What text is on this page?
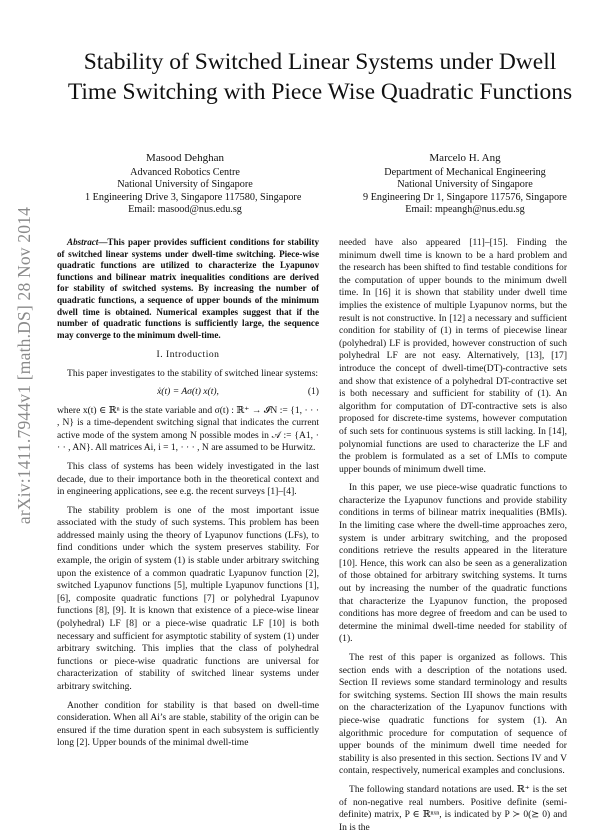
arXiv:1411.7944v1 [math.DS] 28 Nov 2014
Stability of Switched Linear Systems under Dwell
Time Switching with Piece Wise Quadratic Functions
Masood Dehghan
Advanced Robotics Centre
National University of Singapore
1 Engineering Drive 3, Singapore 117580, Singapore
Email: masood@nus.edu.sg
Marcelo H. Ang
Department of Mechanical Engineering
National University of Singapore
9 Engineering Dr 1, Singapore 117576, Singapore
Email: mpeangh@nus.edu.sg

Abstract—This paper provides sufficient conditions for stability of switched linear systems under dwell-time switching. Piece-wise quadratic functions are utilized to characterize the Lyapunov functions and bilinear matrix inequalities conditions are derived for stability of switched systems. By increasing the number of quadratic functions, a sequence of upper bounds of the minimum dwell time is obtained. Numerical examples suggest that if the number of quadratic functions is sufficiently large, the sequence may converge to the minimum dwell-time.

I. Introduction

This paper investigates to the stability of switched linear systems:

ẋ(t) = Aσ(t) x(t),	(1)

where x(t) ∈ ℝⁿ is the state variable and σ(t) : ℝ⁺ → 𝓘N := {1, · · · , N} is a time-dependent switching signal that indicates the current active mode of the system among N possible modes in 𝒜 := {A1, · · · , AN}. All matrices Ai, i = 1, · · · , N are assumed to be Hurwitz.

This class of systems has been widely investigated in the last decade, due to their importance both in the theoretical context and in engineering applications, see e.g. the recent surveys [1]–[4].

The stability problem is one of the most important issue associated with the study of such systems. This problem has been addressed mainly using the theory of Lyapunov functions (LFs), to find conditions under which the system preserves stability. For example, the origin of system (1) is stable under arbitrary switching upon the existence of a common quadratic Lyapunov function [2], switched Lyapunov functions [5], multiple Lyapunov functions [1], [6], composite quadratic functions [7] or polyhedral Lyapunov functions [8], [9]. It is known that existence of a piece-wise linear (polyhedral) LF [8] or a piece-wise quadratic LF [10] is both necessary and sufficient for asymptotic stability of system (1) under arbitrary switching. This implies that the class of polyhedral functions or piece-wise quadratic functions are universal for characterization of stability of switched linear systems under arbitrary switching.

Another condition for stability is that based on dwell-time consideration. When all Ai’s are stable, stability of the origin can be ensured if the time duration spent in each subsystem is sufficiently long [2]. Upper bounds of the minimal dwell-time

needed have also appeared [11]–[15]. Finding the minimum dwell time is known to be a hard problem and the research has been shifted to find testable conditions for the computation of upper bounds to the minimum dwell time. In [16] it is shown that stability under dwell time implies the existence of multiple Lyapunov norms, but the result is not constructive. In [12] a necessary and sufficient condition for stability of (1) in terms of piecewise linear (polyhedral) LF is provided, however construction of such polyhedral LF are not easy. Alternatively, [13], [17] introduce the concept of dwell-time(DT)-contractive sets and show that existence of a polyhedral DT-contractive set is both necessary and sufficient for stability of (1). An algorithm for computation of DT-contractive sets is also proposed for discrete-time systems, however computation of such sets for continuous systems is still lacking. In [14], polynomial functions are used to characterize the LF and the problem is formulated as a set of LMIs to compute upper bounds of minimum dwell time.

In this paper, we use piece-wise quadratic functions to characterize the Lyapunov functions and provide stability conditions in terms of bilinear matrix inequalities (BMIs). In the limiting case where the dwell-time approaches zero, system is under arbitrary switching, and the proposed conditions retrieve the results appeared in the literature [10]. Hence, this work can also be seen as a generalization of those obtained for arbitrary switching systems. It turns out by increasing the number of the quadratic functions that characterize the Lyapunov function, the proposed conditions has more degree of freedom and can be used to determine the minimal dwell-time needed for stability of (1).

The rest of this paper is organized as follows. This section ends with a description of the notations used. Section II reviews some standard terminology and results for switching systems. Section III shows the main results on the characterization of the Lyapunov functions with piece-wise quadratic functions for system (1). An algorithmic procedure for computation of sequence of upper bounds of the minimum dwell time needed for stability is also presented in this section. Sections IV and V contain, respectively, numerical examples and conclusions.

The following standard notations are used. ℝ⁺ is the set of non-negative real numbers. Positive definite (semi-definite) matrix, P ∈ ℝⁿˣⁿ, is indicated by P ≻ 0(⪰ 0) and In is the
